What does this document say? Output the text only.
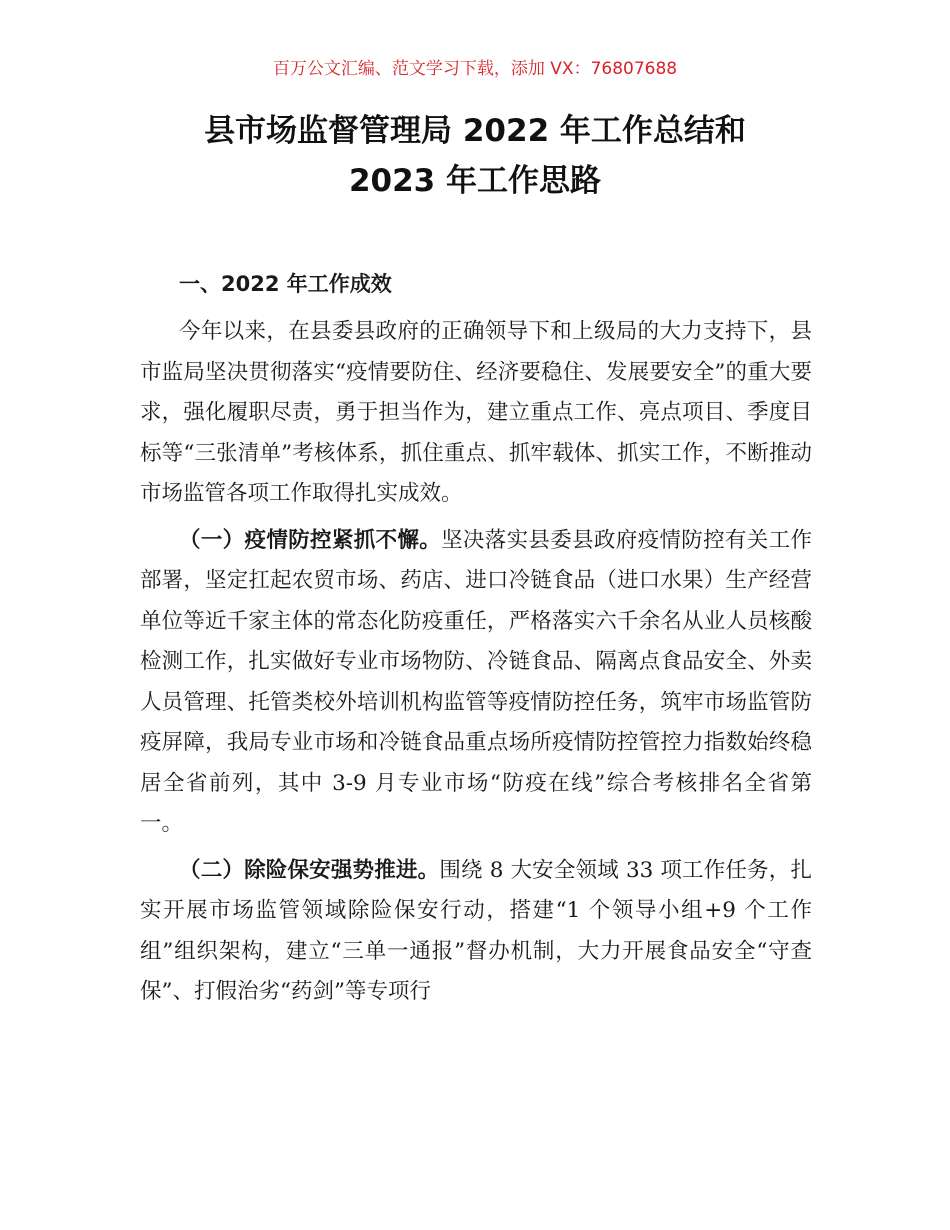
百万公文汇编、范文学习下载，添加 VX：76807688
县市场监督管理局 2022 年工作总结和
2023 年工作思路
一、2022 年工作成效

今年以来，在县委县政府的正确领导下和上级局的大力支持下，县市监局坚决贯彻落实“疫情要防住、经济要稳住、发展要安全”的重大要求，强化履职尽责，勇于担当作为，建立重点工作、亮点项目、季度目标等“三张清单”考核体系，抓住重点、抓牢载体、抓实工作，不断推动市场监管各项工作取得扎实成效。

（一）疫情防控紧抓不懈。坚决落实县委县政府疫情防控有关工作部署，坚定扛起农贸市场、药店、进口冷链食品（进口水果）生产经营单位等近千家主体的常态化防疫重任，严格落实六千余名从业人员核酸检测工作，扎实做好专业市场物防、冷链食品、隔离点食品安全、外卖人员管理、托管类校外培训机构监管等疫情防控任务，筑牢市场监管防疫屏障，我局专业市场和冷链食品重点场所疫情防控管控力指数始终稳居全省前列，其中 3-9 月专业市场“防疫在线”综合考核排名全省第一。

（二）除险保安强势推进。围绕 8 大安全领域 33 项工作任务，扎实开展市场监管领域除险保安行动，搭建“1 个领导小组+9 个工作组”组织架构，建立“三单一通报”督办机制，大力开展食品安全“守查保”、打假治劣“药剑”等专项行
